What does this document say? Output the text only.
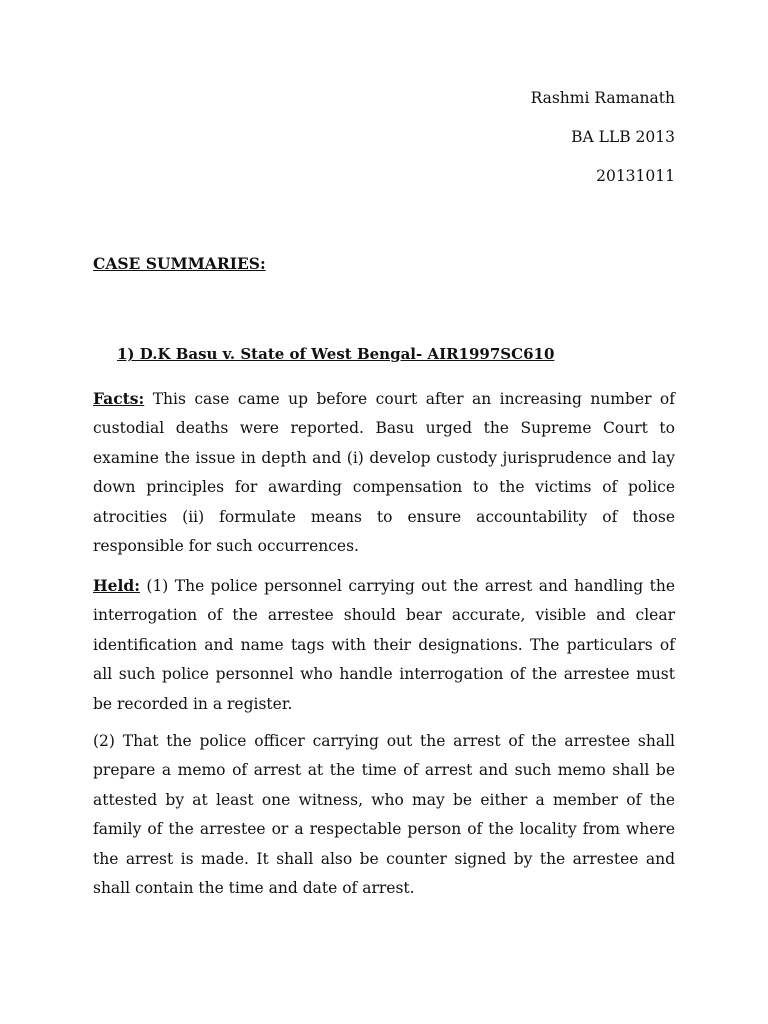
Rashmi Ramanath
BA LLB 2013
20131011
CASE SUMMARIES:
1) D.K Basu v. State of West Bengal- AIR1997SC610

Facts: This case came up before court after an increasing number of custodial deaths were reported. Basu urged the Supreme Court to examine the issue in depth and (i) develop custody jurisprudence and lay down principles for awarding compensation to the victims of police atrocities (ii) formulate means to ensure accountability of those responsible for such occurrences.

Held: (1) The police personnel carrying out the arrest and handling the interrogation of the arrestee should bear accurate, visible and clear identification and name tags with their designations. The particulars of all such police personnel who handle interrogation of the arrestee must be recorded in a register.

(2) That the police officer carrying out the arrest of the arrestee shall prepare a memo of arrest at the time of arrest and such memo shall be attested by at least one witness, who may be either a member of the family of the arrestee or a respectable person of the locality from where the arrest is made. It shall also be counter signed by the arrestee and shall contain the time and date of arrest.
